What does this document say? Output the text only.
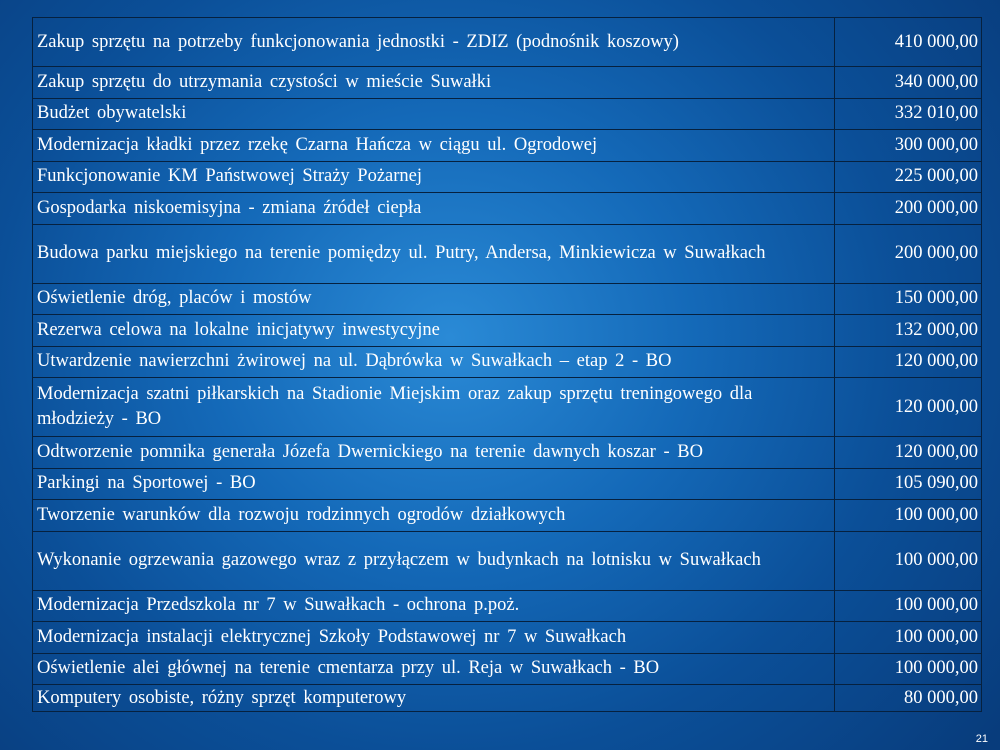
Zakup sprzętu na potrzeby funkcjonowania jednostki - ZDIZ (podnośnik koszowy)	410 000,00
Zakup sprzętu do utrzymania czystości w mieście Suwałki	340 000,00
Budżet obywatelski	332 010,00
Modernizacja kładki przez rzekę Czarna Hańcza w ciągu ul. Ogrodowej	300 000,00
Funkcjonowanie KM Państwowej Straży Pożarnej	225 000,00
Gospodarka niskoemisyjna - zmiana źródeł ciepła	200 000,00
Budowa parku miejskiego na terenie pomiędzy ul. Putry, Andersa, Minkiewicza w Suwałkach	200 000,00
Oświetlenie dróg, placów i mostów	150 000,00
Rezerwa celowa na lokalne inicjatywy inwestycyjne	132 000,00
Utwardzenie nawierzchni żwirowej na ul. Dąbrówka w Suwałkach – etap 2 - BO	120 000,00
Modernizacja szatni piłkarskich na Stadionie Miejskim oraz zakup sprzętu treningowego dla młodzieży - BO	120 000,00
Odtworzenie pomnika generała Józefa Dwernickiego na terenie dawnych koszar - BO	120 000,00
Parkingi na Sportowej - BO	105 090,00
Tworzenie warunków dla rozwoju rodzinnych ogrodów działkowych	100 000,00
Wykonanie ogrzewania gazowego wraz z przyłączem w budynkach na lotnisku w Suwałkach	100 000,00
Modernizacja Przedszkola nr 7 w Suwałkach - ochrona p.poż.	100 000,00
Modernizacja instalacji elektrycznej Szkoły Podstawowej nr 7 w Suwałkach	100 000,00
Oświetlenie alei głównej na terenie cmentarza przy ul. Reja w Suwałkach - BO	100 000,00
Komputery osobiste, różny sprzęt komputerowy	80 000,00
21
